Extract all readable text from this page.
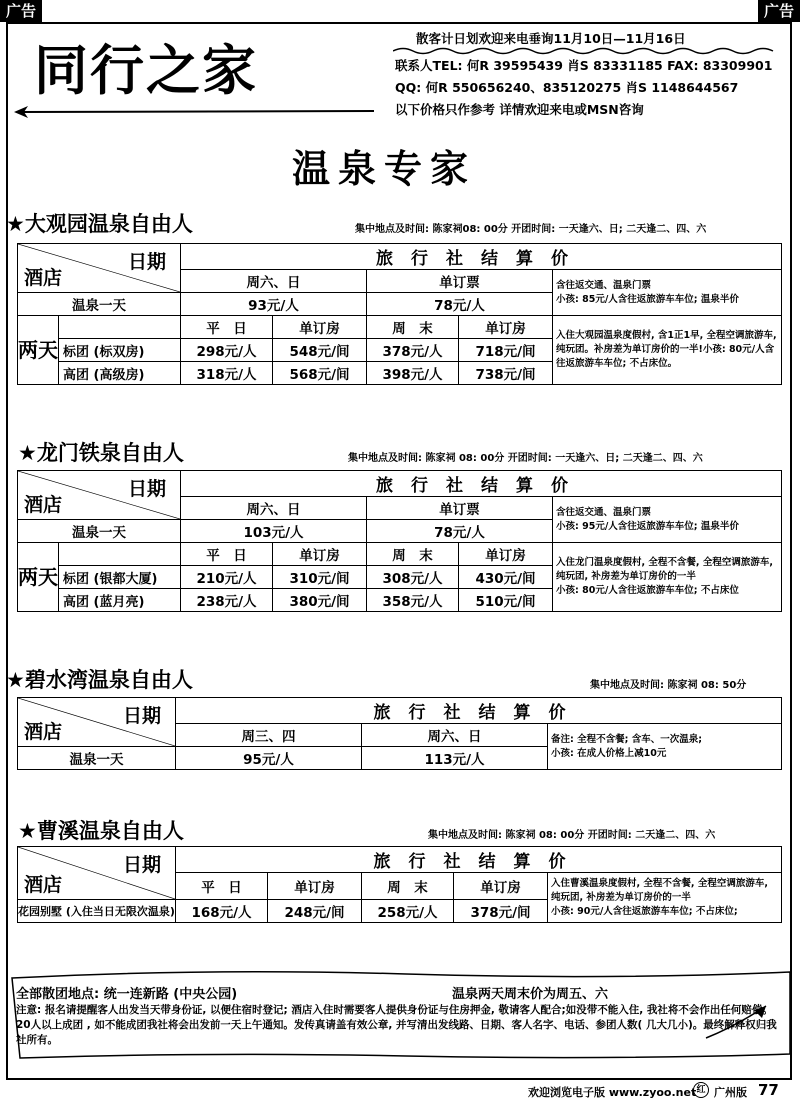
广告	广告
同行之家
散客计日划欢迎来电垂询11月10日—11月16日
联系人TEL: 何R 39595439 肖S 83331185 FAX: 83309901
QQ: 何R 550656240、835120275 肖S 1148644567
以下价格只作参考 详情欢迎来电或MSN咨询
温泉专家
★大观园温泉自由人	集中地点及时间: 陈家祠08: 00分 开团时间: 一天逢六、日; 二天逢二、四、六
日期
酒店		旅行社结算价				
		周六、日		单订票		含往返交通、温泉门票
小孩: 85元/人含往返旅游车车位; 温泉半价
温泉一天		93元/人		78元/人		
两天		平　日	单订房	周　末	单订房	入住大观园温泉度假村, 含1正1早, 全程空调旅游车, 纯玩团。补房差为单订房价的一半!小孩: 80元/人含往返旅游车车位; 不占床位。
	标团 (标双房)	298元/人	548元/间	378元/人	718元/间	
	高团 (高级房)	318元/人	568元/间	398元/人	738元/间	
★龙门铁泉自由人	集中地点及时间: 陈家祠 08: 00分 开团时间: 一天逢六、日; 二天逢二、四、六
日期
酒店		旅行社结算价				
		周六、日		单订票		含往返交通、温泉门票
小孩: 95元/人含往返旅游车车位; 温泉半价
温泉一天		103元/人		78元/人		
两天		平　日	单订房	周　末	单订房	入住龙门温泉度假村, 全程不含餐, 全程空调旅游车, 纯玩团, 补房差为单订房价的一半
小孩: 80元/人含往返旅游车车位; 不占床位
	标团 (银都大厦)	210元/人	310元/间	308元/人	430元/间	
	高团 (蓝月亮)	238元/人	380元/间	358元/人	510元/间	
★碧水湾温泉自由人	集中地点及时间: 陈家祠 08: 50分
日期
酒店	旅行社结算价		
	周三、四	周六、日	备注: 全程不含餐; 含车、一次温泉;
小孩: 在成人价格上减10元
温泉一天	95元/人	113元/人	
★曹溪温泉自由人	集中地点及时间: 陈家祠 08: 00分 开团时间: 二天逢二、四、六
日期
酒店	旅行社结算价				
	平　日	单订房	周　末	单订房	入住曹溪温泉度假村, 全程不含餐, 全程空调旅游车, 纯玩团, 补房差为单订房价的一半
小孩: 90元/人含往返旅游车车位; 不占床位;
花园别墅 (入住当日无限次温泉)	168元/人	248元/间	258元/人	378元/间	
全部散团地点: 统一连新路 (中央公园)	温泉两天周末价为周五、六
注意: 报名请提醒客人出发当天带身份证, 以便住宿时登记; 酒店入住时需要客人提供身份证与住房押金, 敬请客人配合;如没带不能入住, 我社将不会作出任何赔偿。20人以上成团 , 如不能成团我社将会出发前一天上午通知。发传真请盖有效公章, 并写清出发线路、日期、客人名字、电话、参团人数( 几大几小)。最终解释权归我社所有。
欢迎浏览电子版 www.zyoo.net 红 广州版 77
